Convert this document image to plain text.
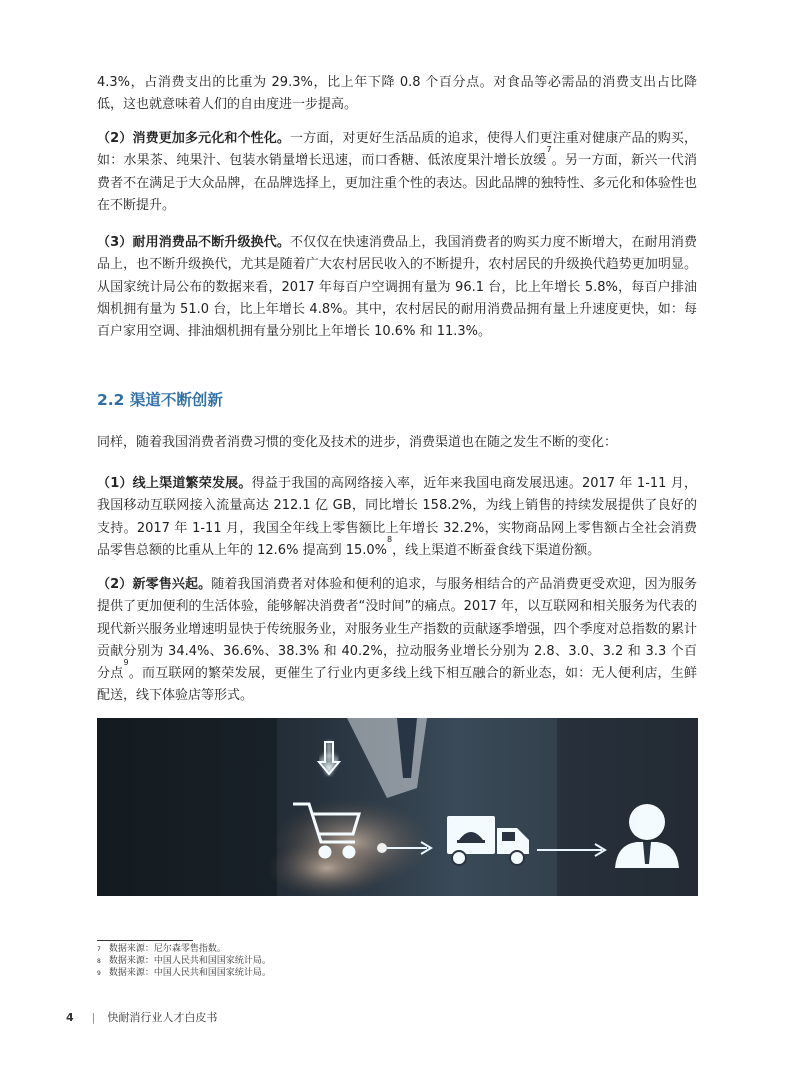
4.3%，占消费支出的比重为 29.3%，比上年下降 0.8 个百分点。对食品等必需品的消费支出占比降低，这也就意味着人们的自由度进一步提高。

（2）消费更加多元化和个性化。一方面，对更好生活品质的追求，使得人们更注重对健康产品的购买，如：水果茶、纯果汁、包装水销量增长迅速，而口香糖、低浓度果汁增长放缓$^7$。另一方面，新兴一代消费者不在满足于大众品牌，在品牌选择上，更加注重个性的表达。因此品牌的独特性、多元化和体验性也在不断提升。

（3）耐用消费品不断升级换代。不仅仅在快速消费品上，我国消费者的购买力度不断增大，在耐用消费品上，也不断升级换代，尤其是随着广大农村居民收入的不断提升，农村居民的升级换代趋势更加明显。从国家统计局公布的数据来看，2017 年每百户空调拥有量为 96.1 台，比上年增长 5.8%，每百户排油烟机拥有量为 51.0 台，比上年增长 4.8%。其中，农村居民的耐用消费品拥有量上升速度更快，如：每百户家用空调、排油烟机拥有量分别比上年增长 10.6% 和 11.3%。

2.2 渠道不断创新

同样，随着我国消费者消费习惯的变化及技术的进步，消费渠道也在随之发生不断的变化：

（1）线上渠道繁荣发展。得益于我国的高网络接入率，近年来我国电商发展迅速。2017 年 1-11 月，我国移动互联网接入流量高达 212.1 亿 GB，同比增长 158.2%，为线上销售的持续发展提供了良好的支持。2017 年 1-11 月，我国全年线上零售额比上年增长 32.2%，实物商品网上零售额占全社会消费品零售总额的比重从上年的 12.6% 提高到 15.0%$^8$，线上渠道不断蚕食线下渠道份额。

（2）新零售兴起。随着我国消费者对体验和便利的追求，与服务相结合的产品消费更受欢迎，因为服务提供了更加便利的生活体验，能够解决消费者“没时间”的痛点。2017 年，以互联网和相关服务为代表的现代新兴服务业增速明显快于传统服务业，对服务业生产指数的贡献逐季增强，四个季度对总指数的累计贡献分别为 34.4%、36.6%、38.3% 和 40.2%，拉动服务业增长分别为 2.8、3.0、3.2 和 3.3 个百分点$^9$。而互联网的繁荣发展，更催生了行业内更多线上线下相互融合的新业态，如：无人便利店，生鲜配送，线下体验店等形式。

$^7$ 数据来源：尼尔森零售指数。
$^8$ 数据来源：中国人民共和国国家统计局。
$^9$ 数据来源：中国人民共和国国家统计局。
4 | 快耐消行业人才白皮书
